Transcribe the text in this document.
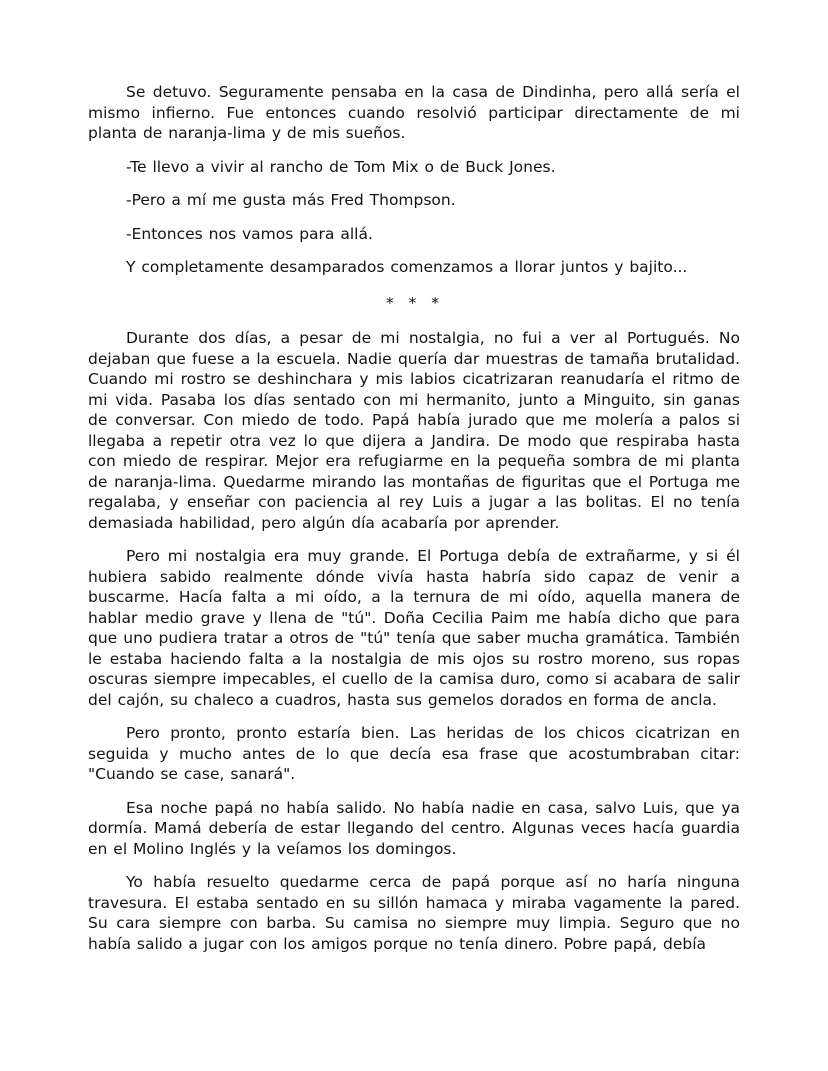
Se detuvo. Seguramente pensaba en la casa de Dindinha, pero allá sería el mismo infierno. Fue entonces cuando resolvió participar directamente de mi planta de naranja-lima y de mis sueños.

-Te llevo a vivir al rancho de Tom Mix o de Buck Jones.

-Pero a mí me gusta más Fred Thompson.

-Entonces nos vamos para allá.

Y completamente desamparados comenzamos a llorar juntos y bajito...

* * *

Durante dos días, a pesar de mi nostalgia, no fui a ver al Portugués. No dejaban que fuese a la escuela. Nadie quería dar muestras de tamaña brutalidad. Cuando mi rostro se deshinchara y mis labios cicatrizaran reanudaría el ritmo de mi vida. Pasaba los días sentado con mi hermanito, junto a Minguito, sin ganas de conversar. Con miedo de todo. Papá había jurado que me molería a palos si llegaba a repetir otra vez lo que dijera a Jandira. De modo que respiraba hasta con miedo de respirar. Mejor era refugiarme en la pequeña sombra de mi planta de naranja-lima. Quedarme mirando las montañas de figuritas que el Portuga me regalaba, y enseñar con paciencia al rey Luis a jugar a las bolitas. El no tenía demasiada habilidad, pero algún día acabaría por aprender.

Pero mi nostalgia era muy grande. El Portuga debía de extrañarme, y si él hubiera sabido realmente dónde vivía hasta habría sido capaz de venir a buscarme. Hacía falta a mi oído, a la ternura de mi oído, aquella manera de hablar medio grave y llena de "tú". Doña Cecilia Paim me había dicho que para que uno pudiera tratar a otros de "tú" tenía que saber mucha gramática. También le estaba haciendo falta a la nostalgia de mis ojos su rostro moreno, sus ropas oscuras siempre impecables, el cuello de la camisa duro, como si acabara de salir del cajón, su chaleco a cuadros, hasta sus gemelos dorados en forma de ancla.

Pero pronto, pronto estaría bien. Las heridas de los chicos cicatrizan en seguida y mucho antes de lo que decía esa frase que acostumbraban citar: "Cuando se case, sanará".

Esa noche papá no había salido. No había nadie en casa, salvo Luis, que ya dormía. Mamá debería de estar llegando del centro. Algunas veces hacía guardia en el Molino Inglés y la veíamos los domingos.

Yo había resuelto quedarme cerca de papá porque así no haría ninguna travesura. El estaba sentado en su sillón hamaca y miraba vagamente la pared. Su cara siempre con barba. Su camisa no siempre muy limpia. Seguro que no había salido a jugar con los amigos porque no tenía dinero. Pobre papá, debía
